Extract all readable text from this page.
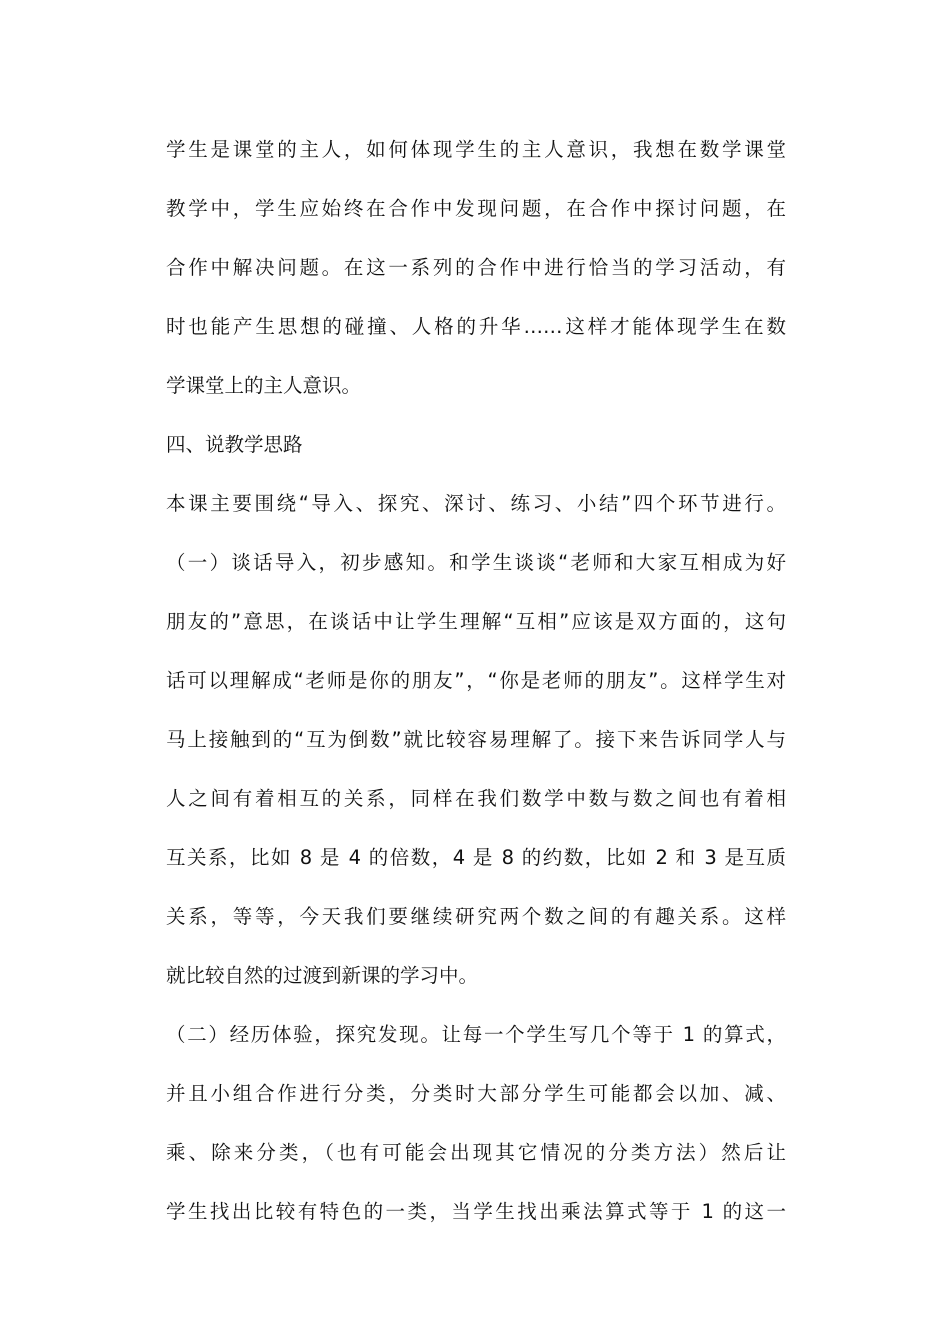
学生是课堂的主人，如何体现学生的主人意识，我想在数学课堂
教学中，学生应始终在合作中发现问题，在合作中探讨问题，在
合作中解决问题。在这一系列的合作中进行恰当的学习活动，有
时也能产生思想的碰撞、人格的升华……这样才能体现学生在数
学课堂上的主人意识。
四、说教学思路
本课主要围绕“导入、探究、深讨、练习、小结”四个环节进行。
（一）谈话导入，初步感知。和学生谈谈“老师和大家互相成为好
朋友的”意思，在谈话中让学生理解“互相”应该是双方面的，这句
话可以理解成“老师是你的朋友”，“你是老师的朋友”。这样学生对
马上接触到的“互为倒数”就比较容易理解了。接下来告诉同学人与
人之间有着相互的关系，同样在我们数学中数与数之间也有着相
互关系，比如 8 是 4 的倍数，4 是 8 的约数，比如 2 和 3 是互质
关系，等等，今天我们要继续研究两个数之间的有趣关系。这样
就比较自然的过渡到新课的学习中。
（二）经历体验，探究发现。让每一个学生写几个等于 1 的算式，
并且小组合作进行分类，分类时大部分学生可能都会以加、减、
乘、除来分类，（也有可能会出现其它情况的分类方法）然后让
学生找出比较有特色的一类，当学生找出乘法算式等于 1 的这一
